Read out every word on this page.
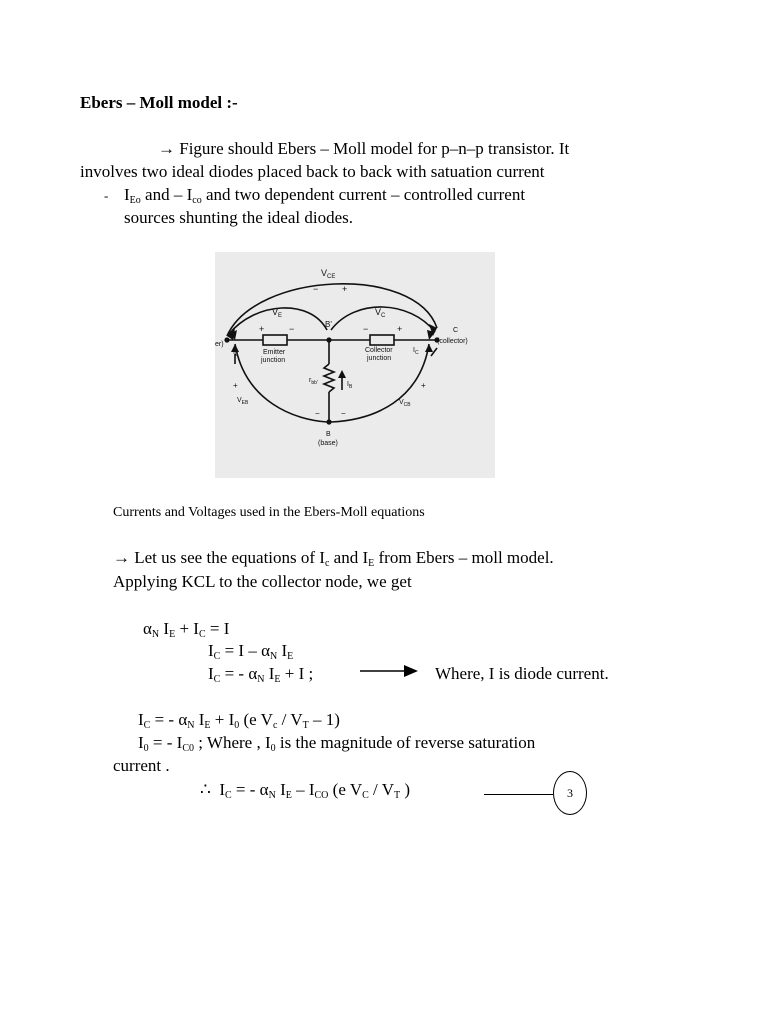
Ebers – Moll model :-
→ Figure should Ebers – Moll model for p–n–p transistor. It
involves two ideal diodes placed back to back with satuation current
- $I_{Eo}$ and – $I_{co}$ and two dependent current – controlled current
sources shunting the ideal diodes.
$V_{CE}$
−	+
$V_E$	$V_C$
+	−	−	+
B'
er)
$I_E$	Emitter
junction
Collector
junction
$I_C$
C
(collector)
$r_{bb'}$	$I_B$
$V_{EB}$
+
−
$V_{CB}$
−
+
B
(base)
Currents and Voltages used in the Ebers-Moll equations
→ Let us see the equations of $I_c$ and $I_E$ from Ebers – moll model.
Applying KCL to the collector node, we get
$\alpha_N$ $I_E + I_C = I$
$I_C = I - \alpha_N$ $I_E$
$I_C$ = - $\alpha_N$ $I_E + I$ ;	Where, I is diode current.
$I_C$ = - $\alpha_N$ $I_E + I_0$ (e $V_c / V_T - 1$)
$I_0$ = - $I_{C0}$ ; Where , $I_0$ is the magnitude of reverse saturation
current .
∴ $I_C$ = - $\alpha_N$ $I_E - I_{CO}$ (e $V_C / V_T$ )	3
